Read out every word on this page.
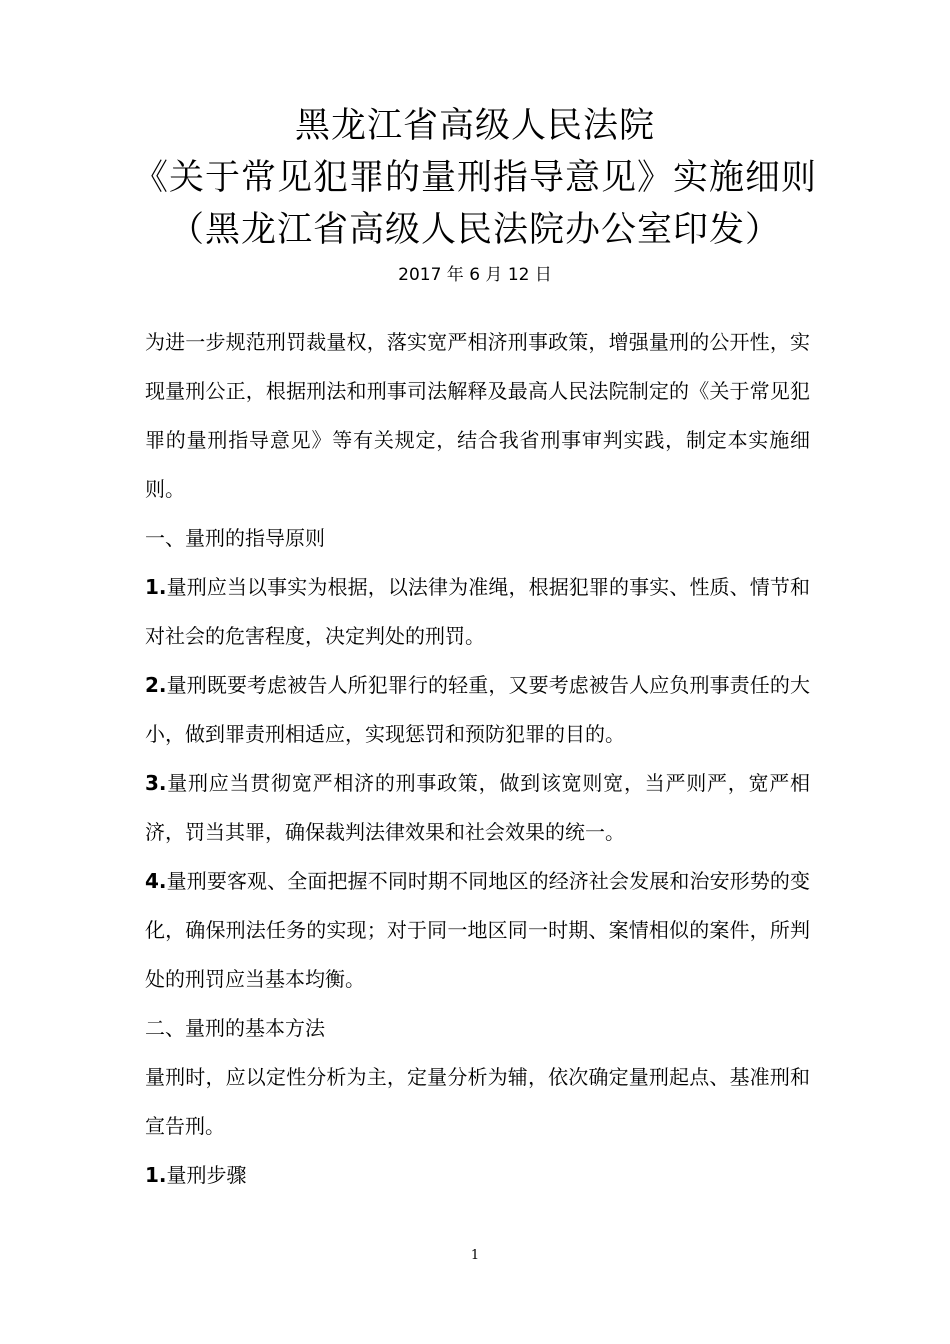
黑龙江省高级人民法院
《关于常见犯罪的量刑指导意见》实施细则
（黑龙江省高级人民法院办公室印发）
2017 年 6 月 12 日

为进一步规范刑罚裁量权，落实宽严相济刑事政策，增强量刑的公开性，实现量刑公正，根据刑法和刑事司法解释及最高人民法院制定的《关于常见犯罪的量刑指导意见》等有关规定，结合我省刑事审判实践，制定本实施细则。

一、量刑的指导原则

1.量刑应当以事实为根据，以法律为准绳，根据犯罪的事实、性质、情节和对社会的危害程度，决定判处的刑罚。

2.量刑既要考虑被告人所犯罪行的轻重，又要考虑被告人应负刑事责任的大小，做到罪责刑相适应，实现惩罚和预防犯罪的目的。

3.量刑应当贯彻宽严相济的刑事政策，做到该宽则宽，当严则严，宽严相济，罚当其罪，确保裁判法律效果和社会效果的统一。

4.量刑要客观、全面把握不同时期不同地区的经济社会发展和治安形势的变化，确保刑法任务的实现；对于同一地区同一时期、案情相似的案件，所判处的刑罚应当基本均衡。

二、量刑的基本方法

量刑时，应以定性分析为主，定量分析为辅，依次确定量刑起点、基准刑和宣告刑。

1.量刑步骤

1
